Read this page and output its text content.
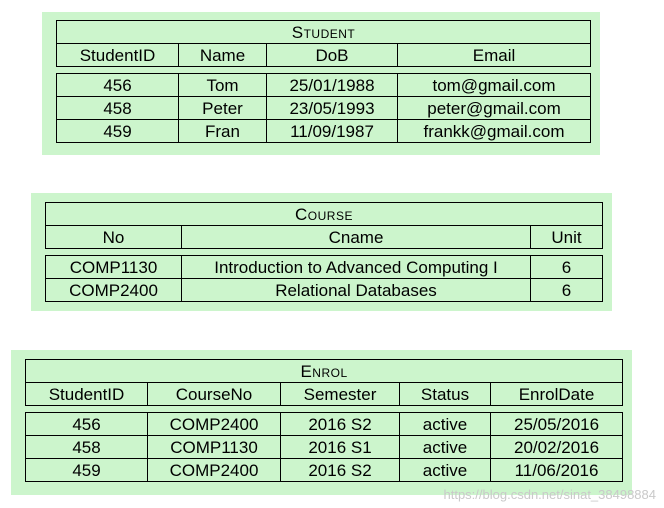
Student			
StudentID	Name	DoB	Email

456	Tom	25/01/1988	tom@gmail.com
458	Peter	23/05/1993	peter@gmail.com
459	Fran	11/09/1987	frankk@gmail.com
Course		
No	Cname	Unit

COMP1130	Introduction to Advanced Computing I	6
COMP2400	Relational Databases	6
Enrol				
StudentID	CourseNo	Semester	Status	EnrolDate

456	COMP2400	2016 S2	active	25/05/2016
458	COMP1130	2016 S1	active	20/02/2016
459	COMP2400	2016 S2	active	11/06/2016
https://blog.csdn.net/sinat_38498884
